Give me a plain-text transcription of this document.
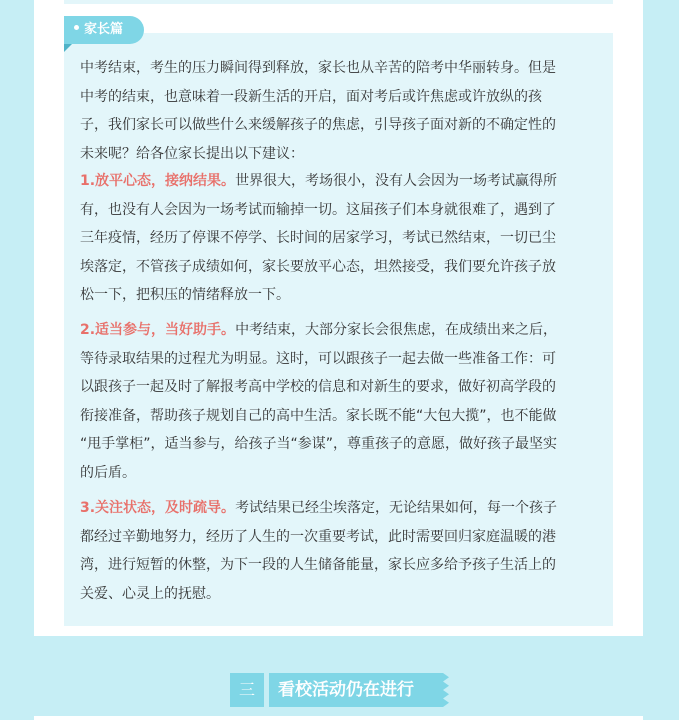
家长篇

中考结束，考生的压力瞬间得到释放，家长也从辛苦的陪考中华丽转身。但是
中考的结束，也意味着一段新生活的开启，面对考后或许焦虑或许放纵的孩
子，我们家长可以做些什么来缓解孩子的焦虑，引导孩子面对新的不确定性的
未来呢？给各位家长提出以下建议：

1.放平心态，接纳结果。世界很大，考场很小，没有人会因为一场考试赢得所
有，也没有人会因为一场考试而输掉一切。这届孩子们本身就很难了，遇到了
三年疫情，经历了停课不停学、长时间的居家学习，考试已然结束，一切已尘
埃落定，不管孩子成绩如何，家长要放平心态，坦然接受，我们要允许孩子放
松一下，把积压的情绪释放一下。

2.适当参与，当好助手。中考结束，大部分家长会很焦虑，在成绩出来之后，
等待录取结果的过程尤为明显。这时，可以跟孩子一起去做一些准备工作：可
以跟孩子一起及时了解报考高中学校的信息和对新生的要求，做好初高学段的
衔接准备，帮助孩子规划自己的高中生活。家长既不能“大包大揽”，也不能做
“甩手掌柜”，适当参与，给孩子当“参谋”，尊重孩子的意愿，做好孩子最坚实
的后盾。

3.关注状态，及时疏导。考试结果已经尘埃落定，无论结果如何，每一个孩子
都经过辛勤地努力，经历了人生的一次重要考试，此时需要回归家庭温暖的港
湾，进行短暂的休整，为下一段的人生储备能量，家长应多给予孩子生活上的
关爱、心灵上的抚慰。

三	看校活动仍在进行
